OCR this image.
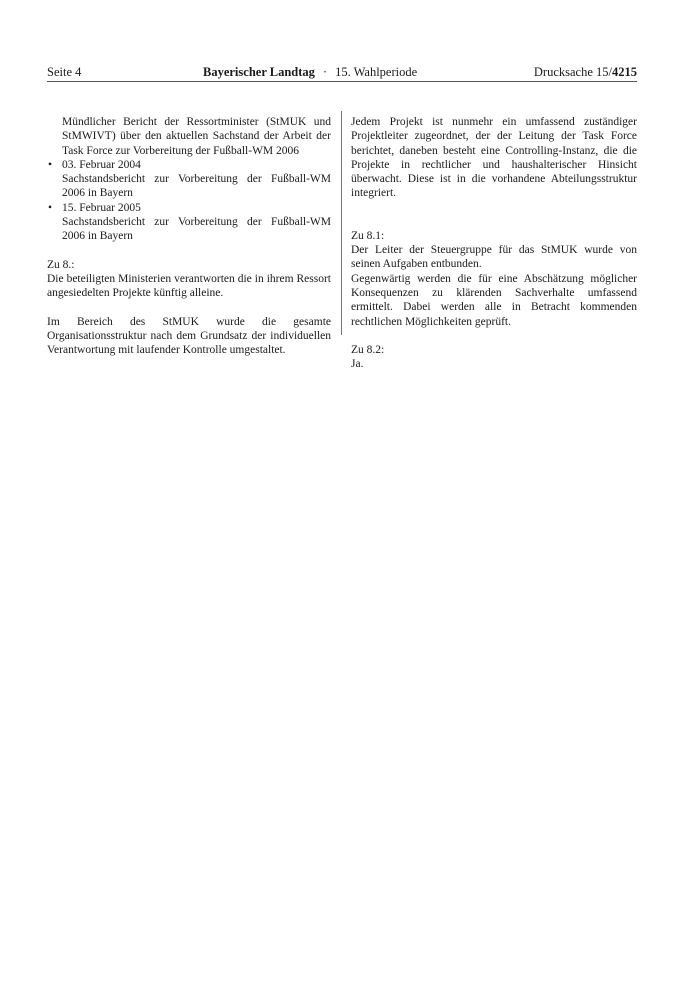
Seite 4	Bayerischer Landtag · 15. Wahlperiode	Drucksache 15/4215

Mündlicher Bericht der Ressortminister (StMUK und StMWIVT) über den aktuellen Sachstand der Arbeit der Task Force zur Vorbereitung der Fußball-WM 2006

• 03. Februar 2004

Sachstandsbericht zur Vorbereitung der Fußball-WM 2006 in Bayern

• 15. Februar 2005

Sachstandsbericht zur Vorbereitung der Fußball-WM 2006 in Bayern

Zu 8.:

Die beteiligten Ministerien verantworten die in ihrem Ressort angesiedelten Projekte künftig alleine.

Im Bereich des StMUK wurde die gesamte Organisationsstruktur nach dem Grundsatz der individuellen Verantwortung mit laufender Kontrolle umgestaltet.

Jedem Projekt ist nunmehr ein umfassend zuständiger Projektleiter zugeordnet, der der Leitung der Task Force berichtet, daneben besteht eine Controlling-Instanz, die die Projekte in rechtlicher und haushalterischer Hinsicht überwacht. Diese ist in die vorhandene Abteilungsstruktur integriert.

Zu 8.1:

Der Leiter der Steuergruppe für das StMUK wurde von seinen Aufgaben entbunden.

Gegenwärtig werden die für eine Abschätzung möglicher Konsequenzen zu klärenden Sachverhalte umfassend ermittelt. Dabei werden alle in Betracht kommenden rechtlichen Möglichkeiten geprüft.

Zu 8.2:

Ja.
